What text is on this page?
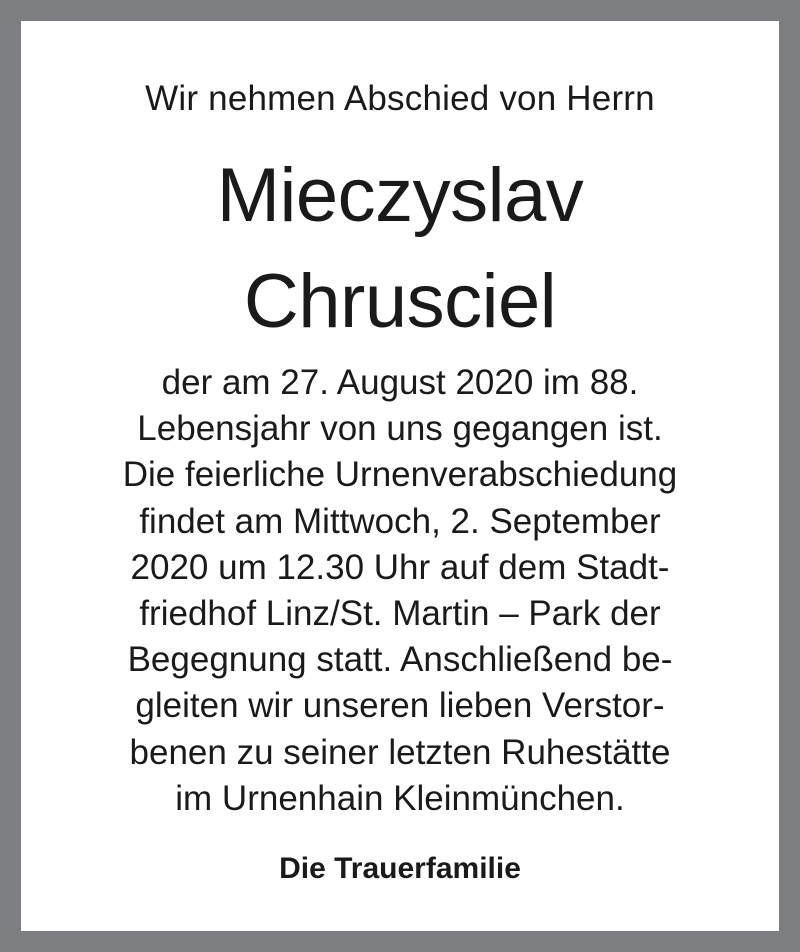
Wir nehmen Abschied von Herrn
Mieczyslav
Chrusciel
der am 27. August 2020 im 88.
Lebensjahr von uns gegangen ist.
Die feierliche Urnenverabschiedung
findet am Mittwoch, 2. September
2020 um 12.30 Uhr auf dem Stadt-
friedhof Linz/St. Martin – Park der
Begegnung statt. Anschließend be-
gleiten wir unseren lieben Verstor-
benen zu seiner letzten Ruhestätte
im Urnenhain Kleinmünchen.
Die Trauerfamilie
